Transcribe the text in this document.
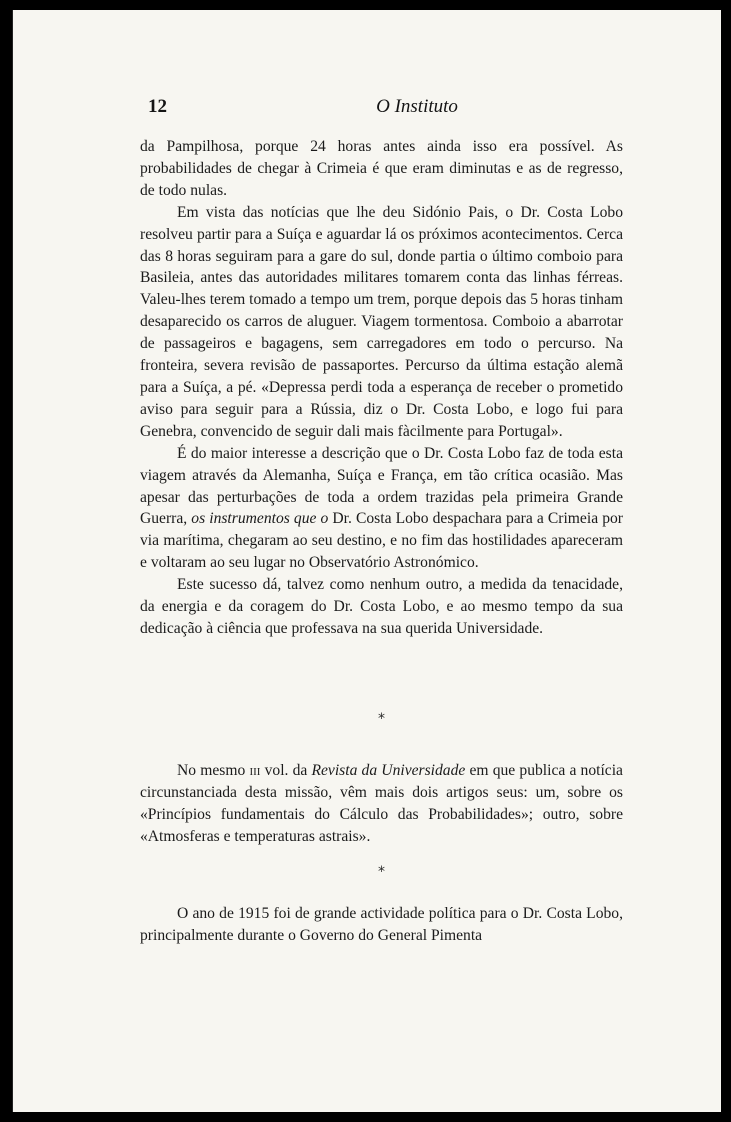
12	O Instituto

da Pampilhosa, porque 24 horas antes ainda isso era possível. As probabilidades de chegar à Crimeia é que eram diminutas e as de regresso, de todo nulas.

Em vista das notícias que lhe deu Sidónio Pais, o Dr. Costa Lobo resolveu partir para a Suíça e aguardar lá os próximos acontecimentos. Cerca das 8 horas seguiram para a gare do sul, donde partia o último comboio para Basileia, antes das autoridades militares tomarem conta das linhas férreas. Valeu-lhes terem tomado a tempo um trem, porque depois das 5 horas tinham desaparecido os carros de aluguer. Viagem tormentosa. Comboio a abarrotar de passageiros e bagagens, sem carregadores em todo o percurso. Na fronteira, severa revisão de passaportes. Percurso da última estação alemã para a Suíça, a pé. «Depressa perdi toda a esperança de receber o prometido aviso para seguir para a Rússia, diz o Dr. Costa Lobo, e logo fui para Genebra, convencido de seguir dali mais fàcilmente para Portugal».

É do maior interesse a descrição que o Dr. Costa Lobo faz de toda esta viagem através da Alemanha, Suíça e França, em tão crítica ocasião. Mas apesar das perturbações de toda a ordem trazidas pela primeira Grande Guerra, os instrumentos que o Dr. Costa Lobo despachara para a Crimeia por via marítima, chegaram ao seu destino, e no fim das hostilidades apareceram e voltaram ao seu lugar no Observatório Astronómico.

Este sucesso dá, talvez como nenhum outro, a medida da tenacidade, da energia e da coragem do Dr. Costa Lobo, e ao mesmo tempo da sua dedicação à ciência que professava na sua querida Universidade.

*

No mesmo iii vol. da Revista da Universidade em que publica a notícia circunstanciada desta missão, vêm mais dois artigos seus: um, sobre os «Princípios fundamentais do Cálculo das Probabilidades»; outro, sobre «Atmosferas e temperaturas astrais».

*

O ano de 1915 foi de grande actividade política para o Dr. Costa Lobo, principalmente durante o Governo do General Pimenta
